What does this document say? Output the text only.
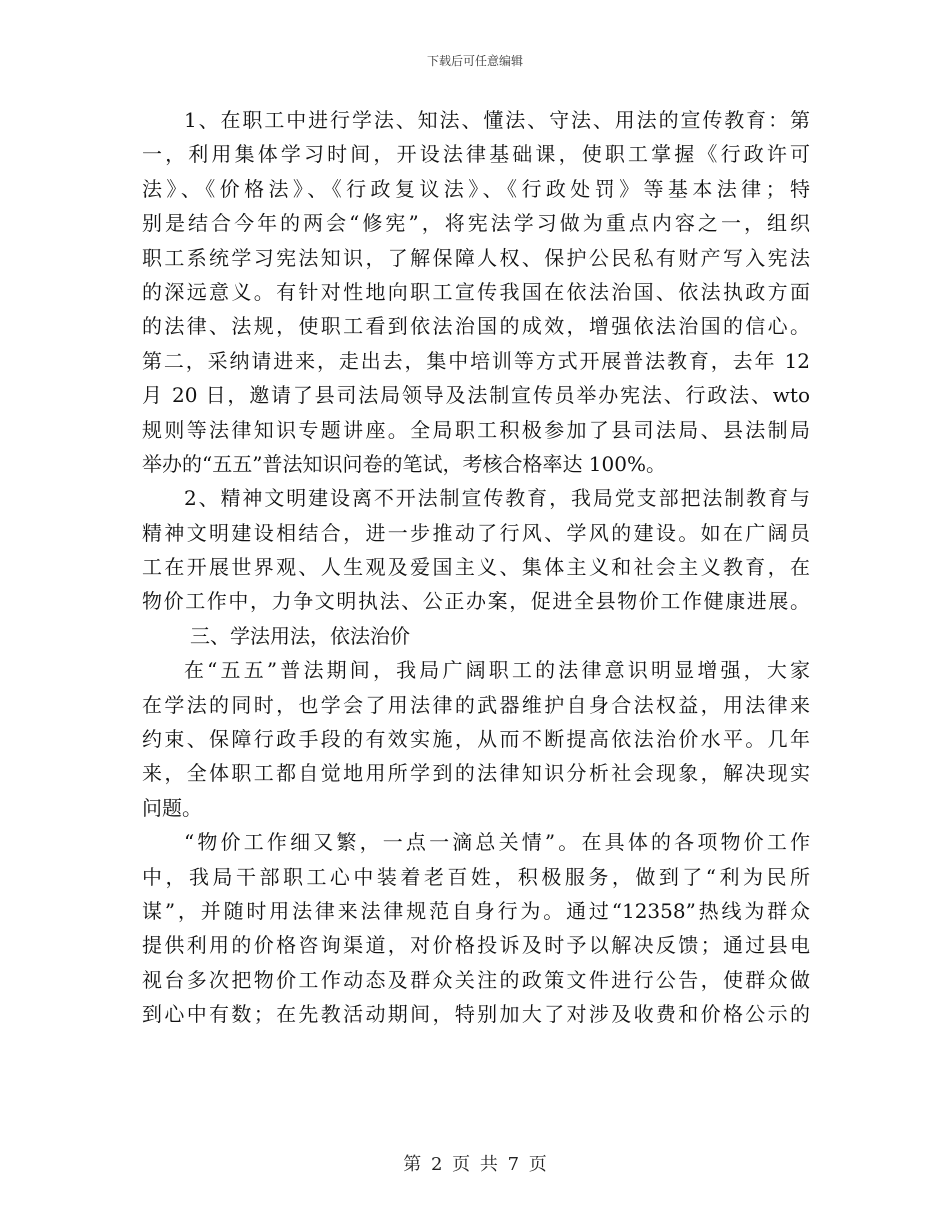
下载后可任意编辑
1、在职工中进行学法、知法、懂法、守法、用法的宣传教育：第
一，利用集体学习时间，开设法律基础课，使职工掌握《行政许可
法》、《价格法》、《行政复议法》、《行政处罚》等基本法律；特
别是结合今年的两会“修宪”，将宪法学习做为重点内容之一，组织
职工系统学习宪法知识，了解保障人权、保护公民私有财产写入宪法
的深远意义。有针对性地向职工宣传我国在依法治国、依法执政方面
的法律、法规，使职工看到依法治国的成效，增强依法治国的信心。
第二，采纳请进来，走出去，集中培训等方式开展普法教育，去年 12
月 20 日，邀请了县司法局领导及法制宣传员举办宪法、行政法、wto
规则等法律知识专题讲座。全局职工积极参加了县司法局、县法制局
举办的“五五”普法知识问卷的笔试，考核合格率达 100%。
2、精神文明建设离不开法制宣传教育，我局党支部把法制教育与
精神文明建设相结合，进一步推动了行风、学风的建设。如在广阔员
工在开展世界观、人生观及爱国主义、集体主义和社会主义教育，在
物价工作中，力争文明执法、公正办案，促进全县物价工作健康进展。
三、学法用法，依法治价
在“五五”普法期间，我局广阔职工的法律意识明显增强，大家
在学法的同时，也学会了用法律的武器维护自身合法权益，用法律来
约束、保障行政手段的有效实施，从而不断提高依法治价水平。几年
来，全体职工都自觉地用所学到的法律知识分析社会现象，解决现实
问题。
“物价工作细又繁，一点一滴总关情”。在具体的各项物价工作
中，我局干部职工心中装着老百姓，积极服务，做到了“利为民所
谋”，并随时用法律来法律规范自身行为。通过“12358”热线为群众
提供利用的价格咨询渠道，对价格投诉及时予以解决反馈；通过县电
视台多次把物价工作动态及群众关注的政策文件进行公告，使群众做
到心中有数；在先教活动期间，特别加大了对涉及收费和价格公示的
第 2 页 共 7 页
